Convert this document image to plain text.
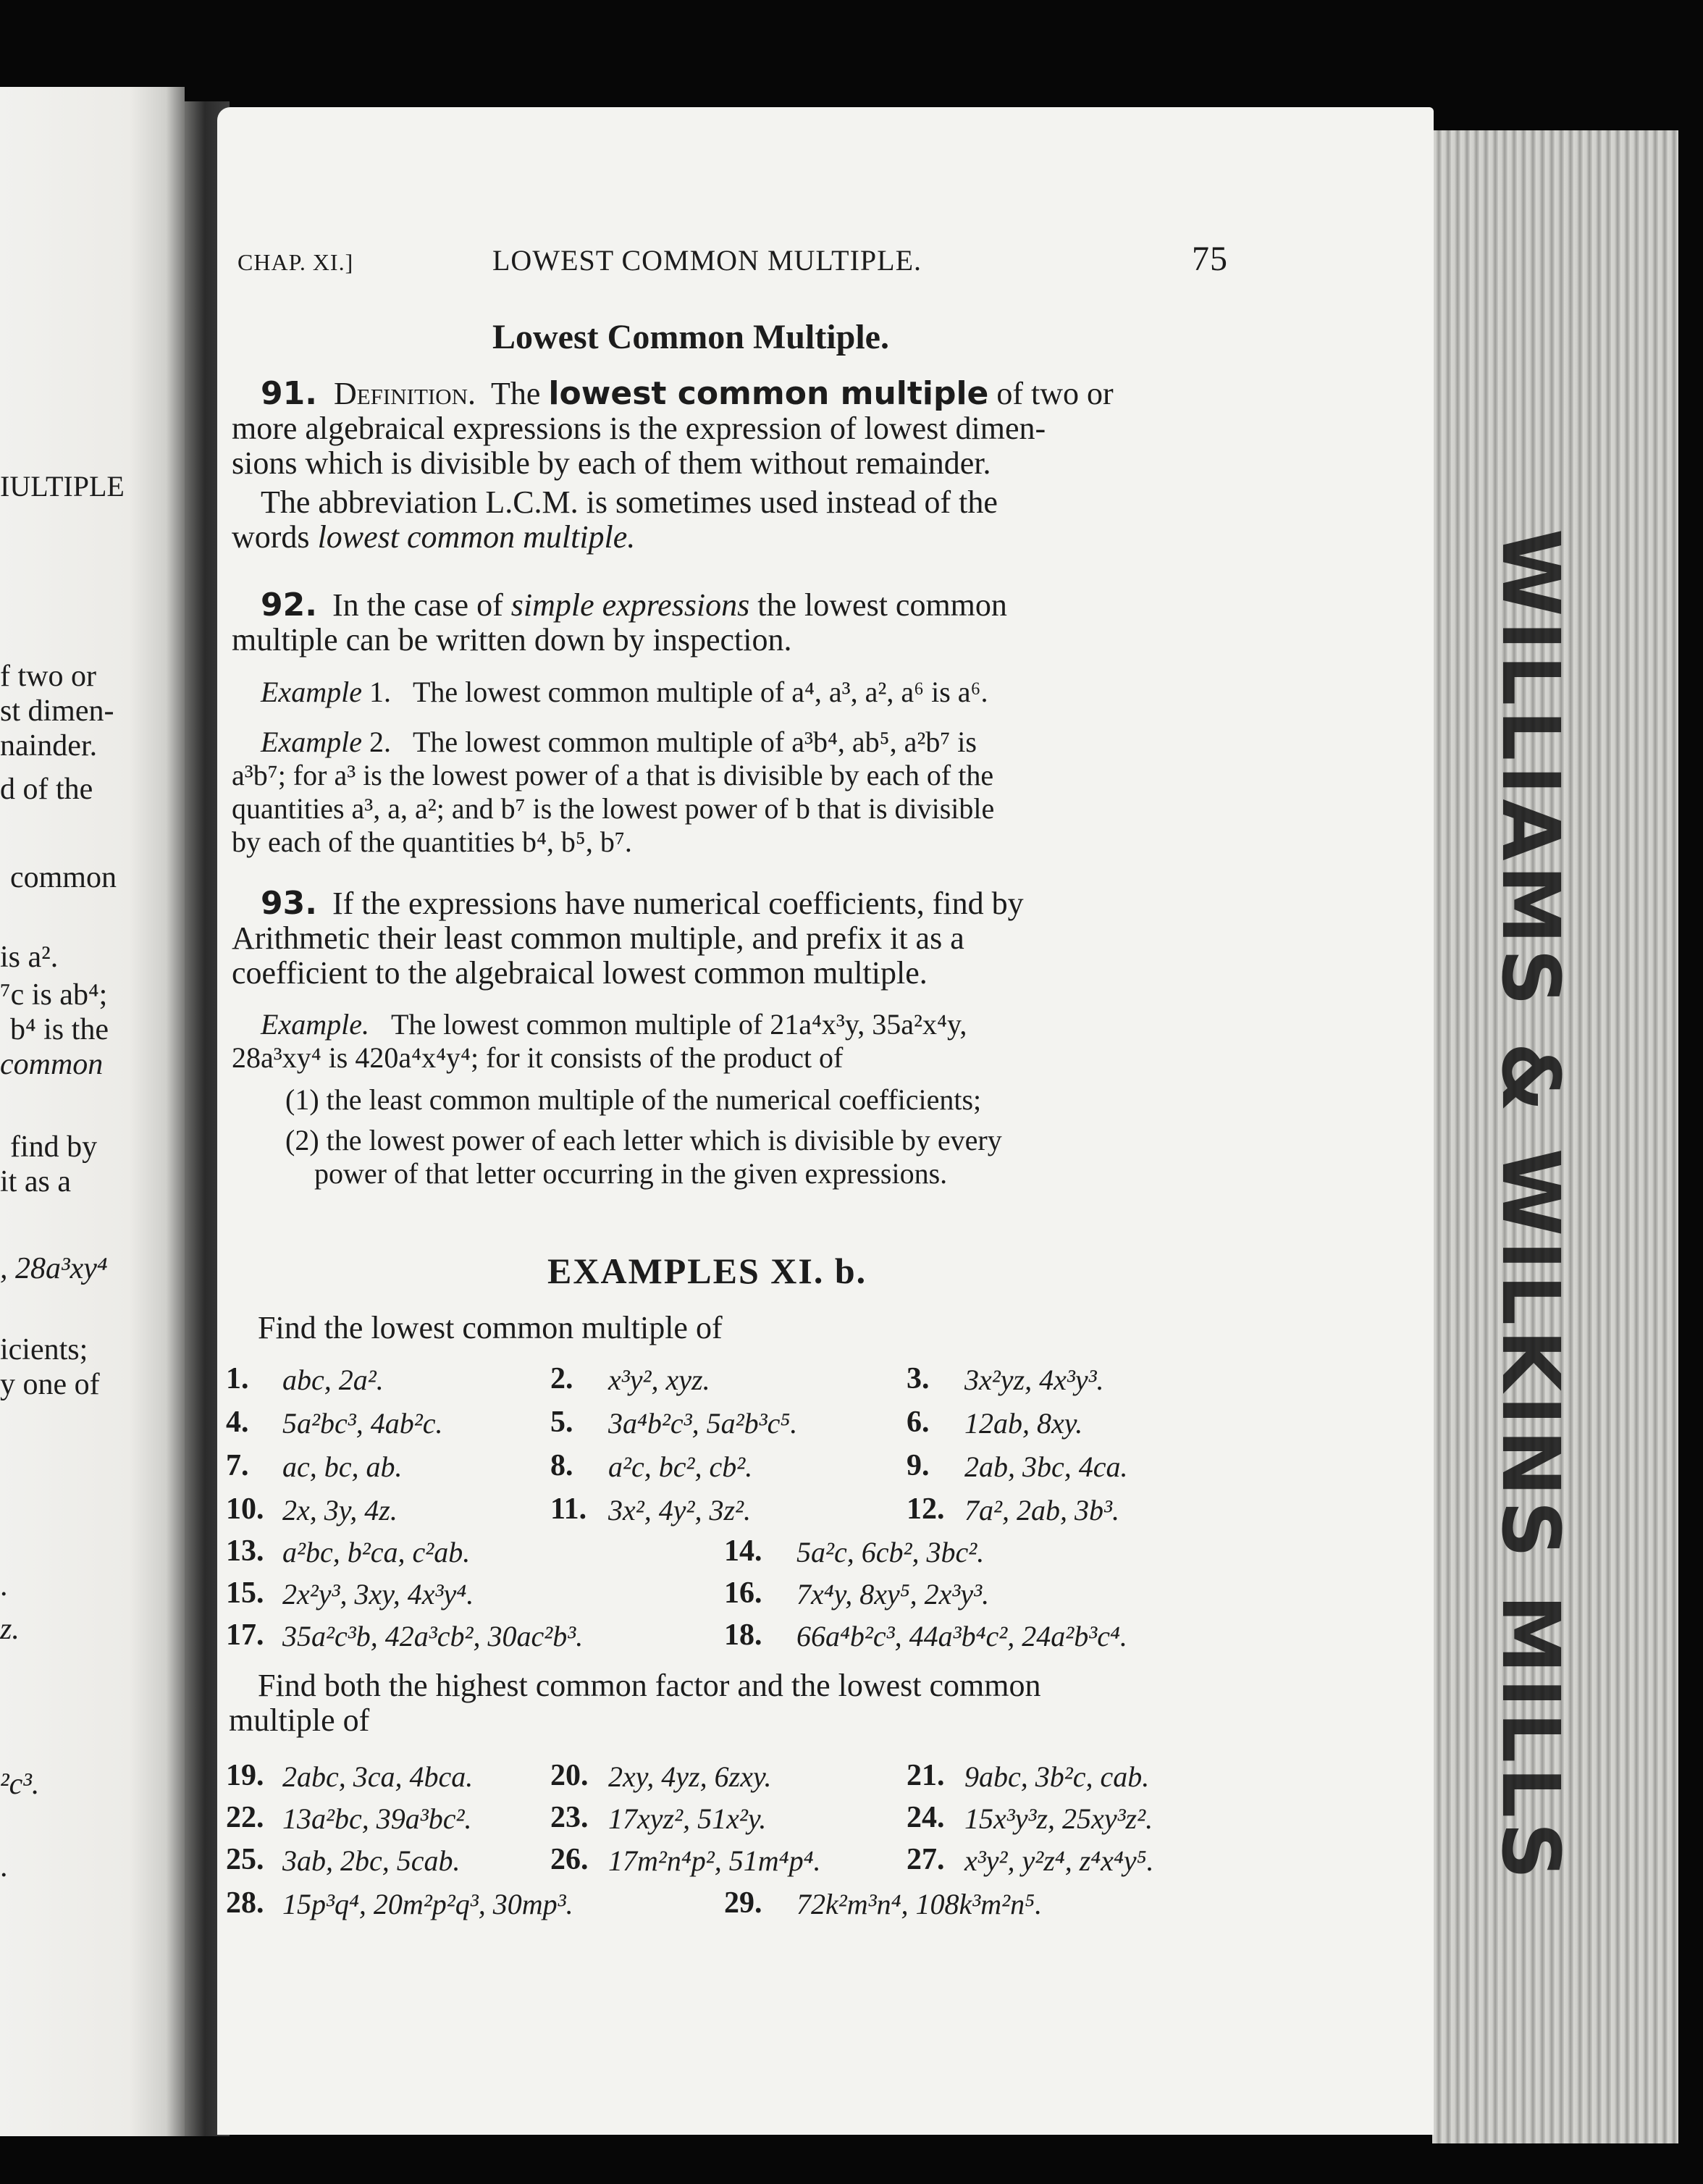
IULTIPLE
f two or
st dimen-
nainder.
d of the
common
is a².
⁷c is ab⁴;
b⁴ is the
common
find by
it as a
, 28a³xy⁴
icients;
y one of
.
z.
²c³.
.	WILLIAMS & WILKINS MILLS
CHAP. XI.]	LOWEST COMMON MULTIPLE.	75
Lowest Common Multiple.
91. Definition. The lowest common multiple of two or
more algebraical expressions is the expression of lowest dimen-
sions which is divisible by each of them without remainder.
The abbreviation L.C.M. is sometimes used instead of the
words lowest common multiple.
92. In the case of simple expressions the lowest common
multiple can be written down by inspection.
Example 1. The lowest common multiple of a⁴, a³, a², a⁶ is a⁶.
Example 2. The lowest common multiple of a³b⁴, ab⁵, a²b⁷ is
a³b⁷; for a³ is the lowest power of a that is divisible by each of the
quantities a³, a, a²; and b⁷ is the lowest power of b that is divisible
by each of the quantities b⁴, b⁵, b⁷.
93. If the expressions have numerical coefficients, find by
Arithmetic their least common multiple, and prefix it as a
coefficient to the algebraical lowest common multiple.
Example. The lowest common multiple of 21a⁴x³y, 35a²x⁴y,
28a³xy⁴ is 420a⁴x⁴y⁴; for it consists of the product of
(1) the least common multiple of the numerical coefficients;
(2) the lowest power of each letter which is divisible by every
power of that letter occurring in the given expressions.
EXAMPLES XI. b.
Find the lowest common multiple of
1. abc, 2a².	2. x³y², xyz.	3. 3x²yz, 4x³y³.
4. 5a²bc³, 4ab²c.	5. 3a⁴b²c³, 5a²b³c⁵.	6. 12ab, 8xy.
7. ac, bc, ab.	8. a²c, bc², cb².	9. 2ab, 3bc, 4ca.
10. 2x, 3y, 4z.	11. 3x², 4y², 3z².	12. 7a², 2ab, 3b³.
13. a²bc, b²ca, c²ab.	14. 5a²c, 6cb², 3bc².
15. 2x²y³, 3xy, 4x³y⁴.	16. 7x⁴y, 8xy⁵, 2x³y³.
17. 35a²c³b, 42a³cb², 30ac²b³.	18. 66a⁴b²c³, 44a³b⁴c², 24a²b³c⁴.
Find both the highest common factor and the lowest common
multiple of
19. 2abc, 3ca, 4bca.	20. 2xy, 4yz, 6zxy.	21. 9abc, 3b²c, cab.
22. 13a²bc, 39a³bc².	23. 17xyz², 51x²y.	24. 15x³y³z, 25xy³z².
25. 3ab, 2bc, 5cab.	26. 17m²n⁴p², 51m⁴p⁴.	27. x³y², y²z⁴, z⁴x⁴y⁵.
28. 15p³q⁴, 20m²p²q³, 30mp³.	29. 72k²m³n⁴, 108k³m²n⁵.
